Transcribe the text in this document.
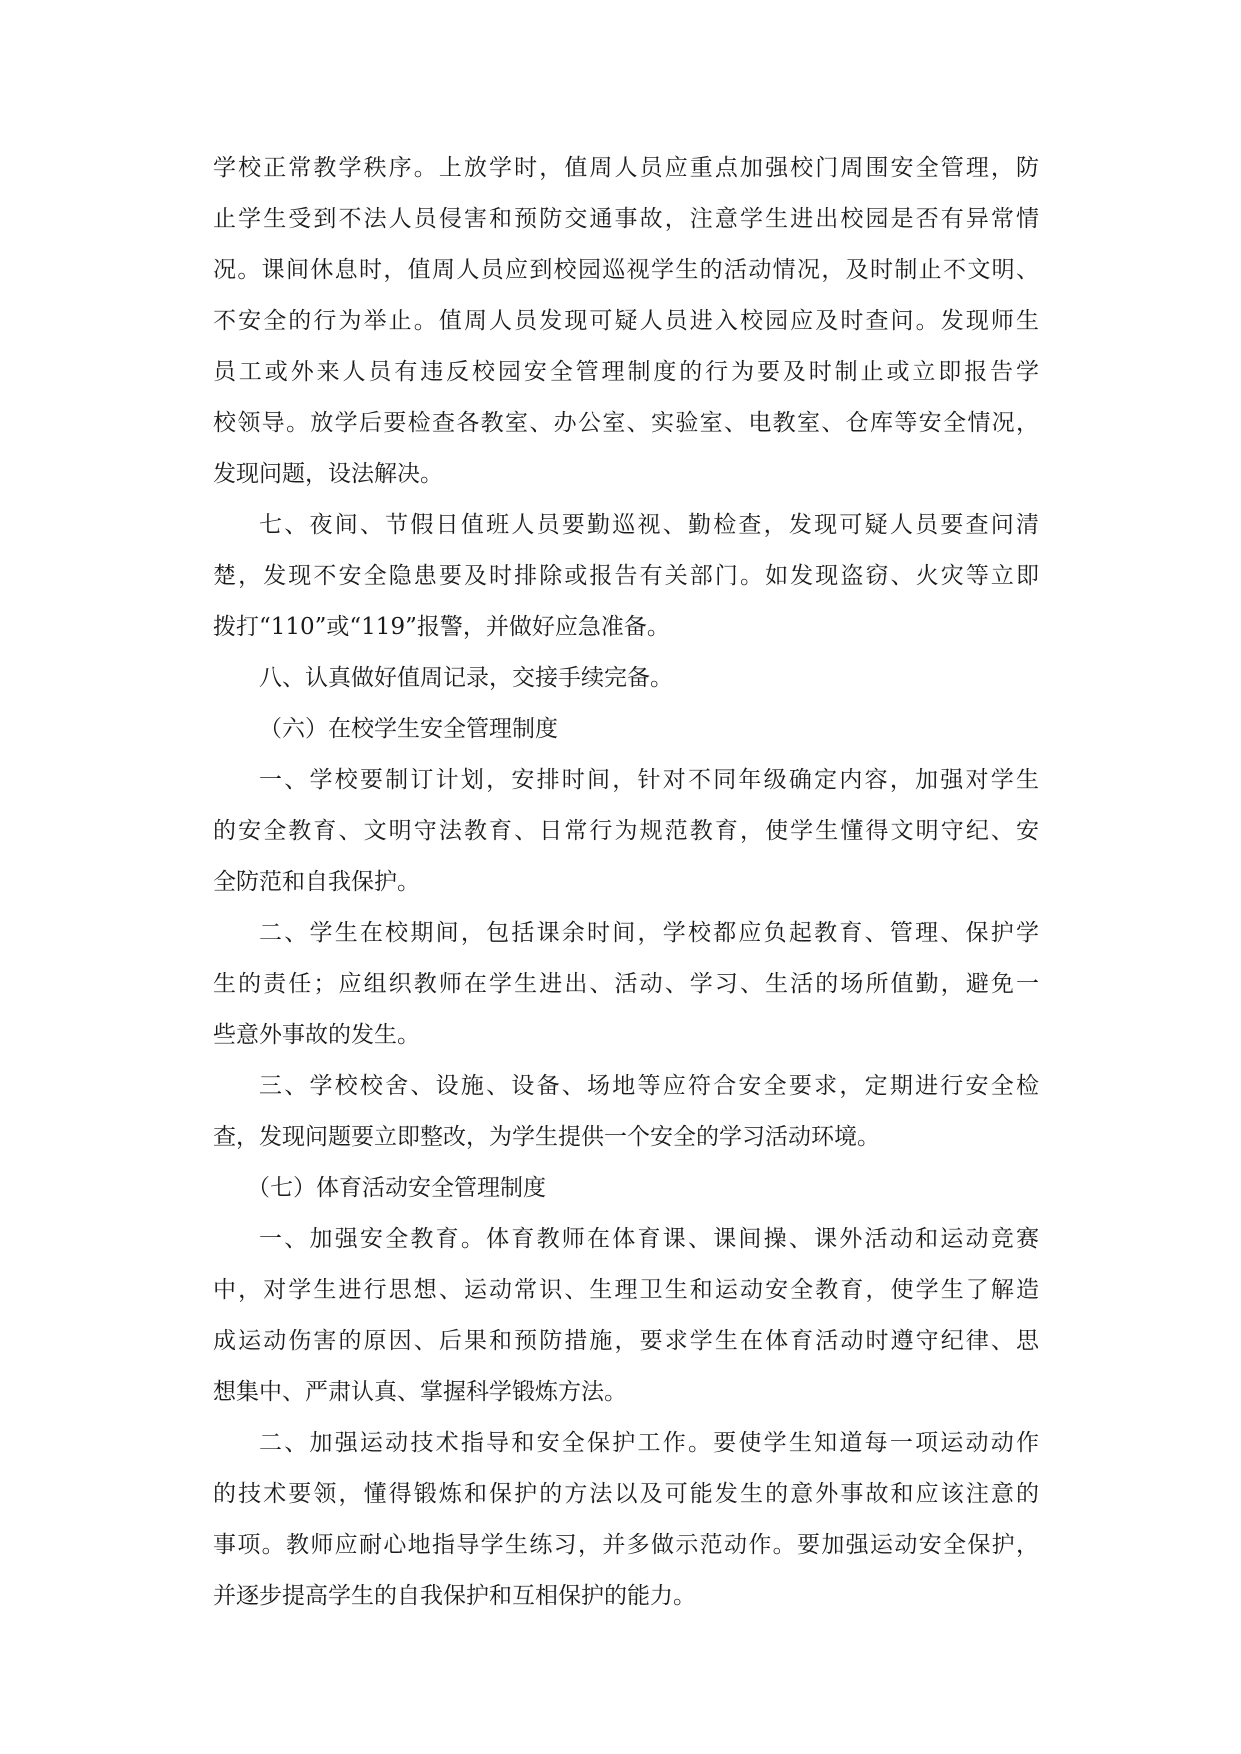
学校正常教学秩序。上放学时，值周人员应重点加强校门周围安全管理，防
止学生受到不法人员侵害和预防交通事故，注意学生进出校园是否有异常情
况。课间休息时，值周人员应到校园巡视学生的活动情况，及时制止不文明、
不安全的行为举止。值周人员发现可疑人员进入校园应及时查问。发现师生
员工或外来人员有违反校园安全管理制度的行为要及时制止或立即报告学
校领导。放学后要检查各教室、办公室、实验室、电教室、仓库等安全情况，
发现问题，设法解决。
七、夜间、节假日值班人员要勤巡视、勤检查，发现可疑人员要查问清
楚，发现不安全隐患要及时排除或报告有关部门。如发现盗窃、火灾等立即
拨打“110”或“119”报警，并做好应急准备。
八、认真做好值周记录，交接手续完备。
（六）在校学生安全管理制度
一、学校要制订计划，安排时间，针对不同年级确定内容，加强对学生
的安全教育、文明守法教育、日常行为规范教育，使学生懂得文明守纪、安
全防范和自我保护。
二、学生在校期间，包括课余时间，学校都应负起教育、管理、保护学
生的责任；应组织教师在学生进出、活动、学习、生活的场所值勤，避免一
些意外事故的发生。
三、学校校舍、设施、设备、场地等应符合安全要求，定期进行安全检
查，发现问题要立即整改，为学生提供一个安全的学习活动环境。
（七）体育活动安全管理制度
一、加强安全教育。体育教师在体育课、课间操、课外活动和运动竞赛
中，对学生进行思想、运动常识、生理卫生和运动安全教育，使学生了解造
成运动伤害的原因、后果和预防措施，要求学生在体育活动时遵守纪律、思
想集中、严肃认真、掌握科学锻炼方法。
二、加强运动技术指导和安全保护工作。要使学生知道每一项运动动作
的技术要领，懂得锻炼和保护的方法以及可能发生的意外事故和应该注意的
事项。教师应耐心地指导学生练习，并多做示范动作。要加强运动安全保护，
并逐步提高学生的自我保护和互相保护的能力。
